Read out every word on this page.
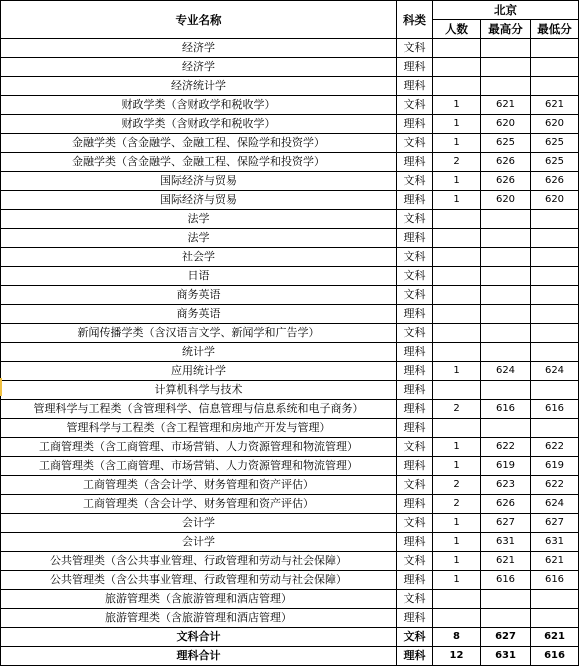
专业名称	科类	北京		
		人数	最高分	最低分
经济学	文科			
经济学	理科			
经济统计学	理科			
财政学类（含财政学和税收学）	文科	1	621	621
财政学类（含财政学和税收学）	理科	1	620	620
金融学类（含金融学、金融工程、保险学和投资学）	文科	1	625	625
金融学类（含金融学、金融工程、保险学和投资学）	理科	2	626	625
国际经济与贸易	文科	1	626	626
国际经济与贸易	理科	1	620	620
法学	文科			
法学	理科			
社会学	文科			
日语	文科			
商务英语	文科			
商务英语	理科			
新闻传播学类（含汉语言文学、新闻学和广告学）	文科			
统计学	理科			
应用统计学	理科	1	624	624
计算机科学与技术	理科			
管理科学与工程类（含管理科学、信息管理与信息系统和电子商务）	理科	2	616	616
管理科学与工程类（含工程管理和房地产开发与管理）	理科			
工商管理类（含工商管理、市场营销、人力资源管理和物流管理）	文科	1	622	622
工商管理类（含工商管理、市场营销、人力资源管理和物流管理）	理科	1	619	619
工商管理类（含会计学、财务管理和资产评估）	文科	2	623	622
工商管理类（含会计学、财务管理和资产评估）	理科	2	626	624
会计学	文科	1	627	627
会计学	理科	1	631	631
公共管理类（含公共事业管理、行政管理和劳动与社会保障）	文科	1	621	621
公共管理类（含公共事业管理、行政管理和劳动与社会保障）	理科	1	616	616
旅游管理类（含旅游管理和酒店管理）	文科			
旅游管理类（含旅游管理和酒店管理）	理科			
文科合计	文科	8	627	621
理科合计	理科	12	631	616
